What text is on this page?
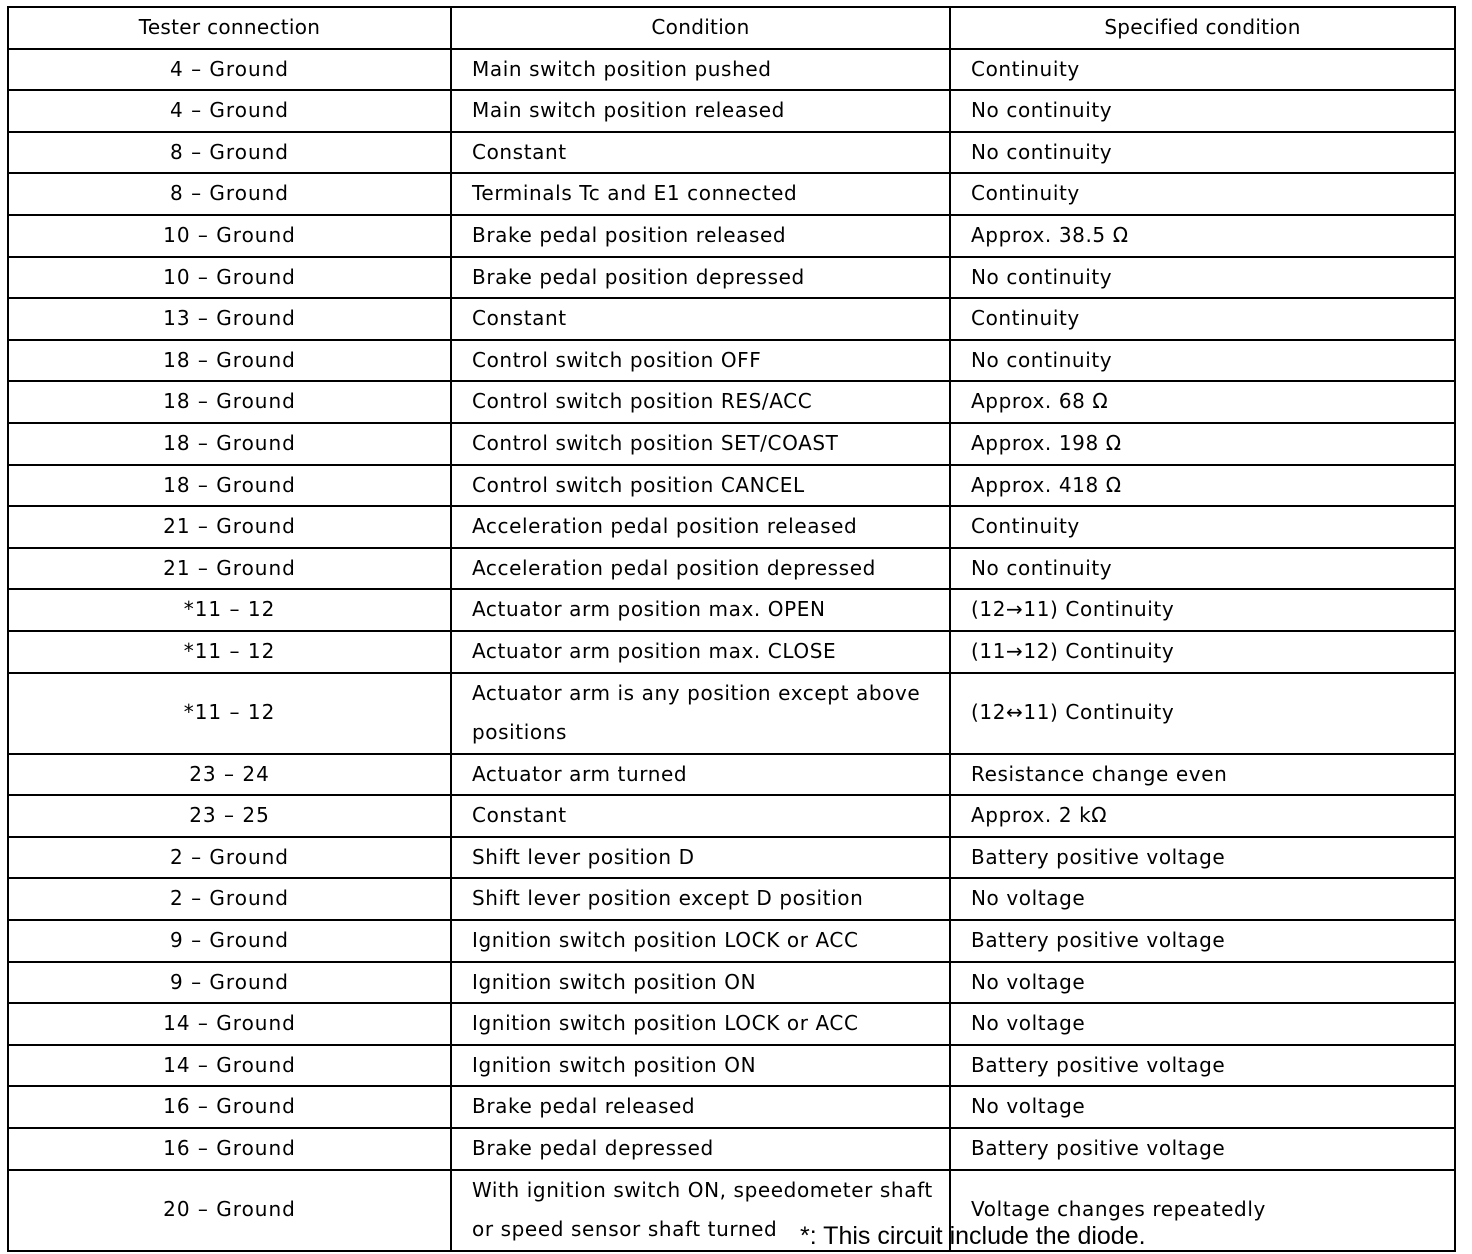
Tester connection	Condition	Specified condition
4 – Ground	Main switch position pushed	Continuity
4 – Ground	Main switch position released	No continuity
8 – Ground	Constant	No continuity
8 – Ground	Terminals Tc and E1 connected	Continuity
10 – Ground	Brake pedal position released	Approx. 38.5 Ω
10 – Ground	Brake pedal position depressed	No continuity
13 – Ground	Constant	Continuity
18 – Ground	Control switch position OFF	No continuity
18 – Ground	Control switch position RES/ACC	Approx. 68 Ω
18 – Ground	Control switch position SET/COAST	Approx. 198 Ω
18 – Ground	Control switch position CANCEL	Approx. 418 Ω
21 – Ground	Acceleration pedal position released	Continuity
21 – Ground	Acceleration pedal position depressed	No continuity
*11 – 12	Actuator arm position max. OPEN	(12→11) Continuity
*11 – 12	Actuator arm position max. CLOSE	(11→12) Continuity
*11 – 12	Actuator arm is any position except above positions	(12↔11) Continuity
23 – 24	Actuator arm turned	Resistance change even
23 – 25	Constant	Approx. 2 kΩ
2 – Ground	Shift lever position D	Battery positive voltage
2 – Ground	Shift lever position except D position	No voltage
9 – Ground	Ignition switch position LOCK or ACC	Battery positive voltage
9 – Ground	Ignition switch position ON	No voltage
14 – Ground	Ignition switch position LOCK or ACC	No voltage
14 – Ground	Ignition switch position ON	Battery positive voltage
16 – Ground	Brake pedal released	No voltage
16 – Ground	Brake pedal depressed	Battery positive voltage
20 – Ground	With ignition switch ON, speedometer shaft or speed sensor shaft turned	Voltage changes repeatedly
*: This circuit include the diode.
